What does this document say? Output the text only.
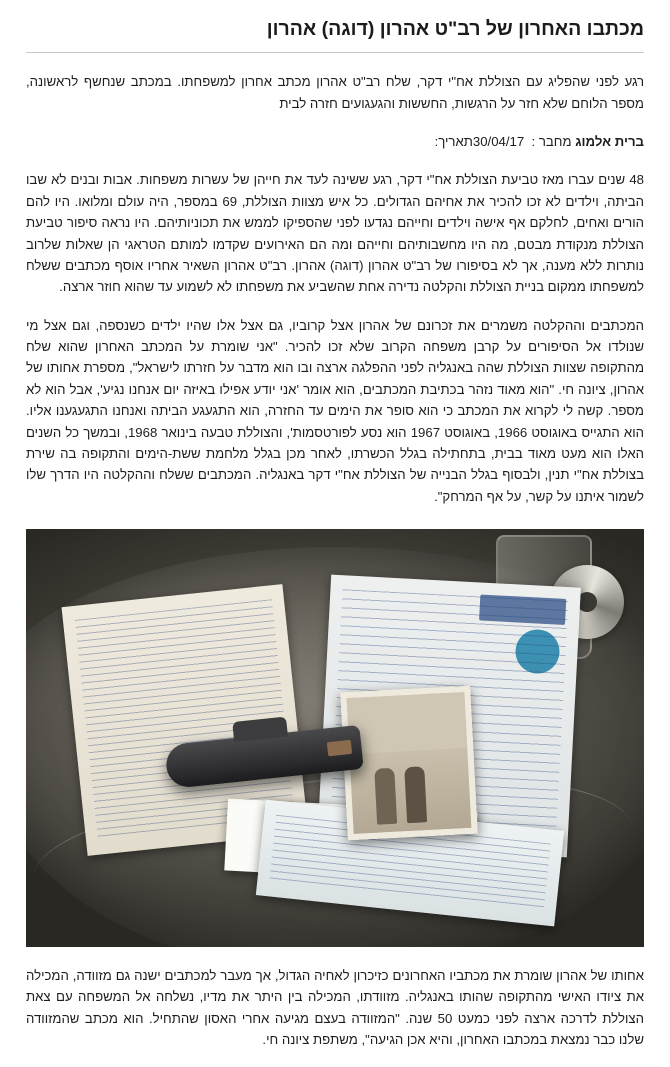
מכתבו האחרון של רב"ט אהרון (דוגה) אהרון

רגע לפני שהפליג עם הצוללת אח"י דקר, שלח רב"ט אהרון מכתב אחרון למשפחתו. במכתב שנחשף לראשונה, מספר הלוחם שלא חזר על הרגשות, החששות והגעגועים חזרה לבית

ברית אלמוג מחבר :  30/04/17תאריך:

48 שנים עברו מאז טביעת הצוללת אח"י דקר, רגע ששינה לעד את חייהן של עשרות משפחות. אבות ובנים לא שבו הביתה, וילדים לא זכו להכיר את אחיהם הגדולים. כל איש מצוות הצוללת, 69 במספר, היה עולם ומלואו. היו להם הורים ואחים, לחלקם אף אישה וילדים וחייהם נגדעו לפני שהספיקו לממש את תכוניותיהם. היו נראה סיפור טביעת הצוללת מנקודת מבטם, מה היו מחשבותיהם וחייהם ומה הם האירועים שקדמו למותם הטראגי הן שאלות שלרוב נותרות ללא מענה, אך לא בסיפורו של רב"ט אהרון (דוגה) אהרון. רב"ט אהרון השאיר אחריו אוסף מכתבים ששלח למשפחתו ממקום בניית הצוללת והקלטה נדירה אחת שהשביע את משפחתו לא לשמוע עד שהוא חוזר ארצה.

המכתבים וההקלטה משמרים את זכרונם של אהרון אצל קרוביו, גם אצל אלו שהיו ילדים כשנספה, וגם אצל מי שנולדו אל הסיפורים על קרבן משפחה הקרוב שלא זכו להכיר. "אני שומרת על המכתב האחרון שהוא שלח מהתקופה שצוות הצוללת שהה באנגליה לפני ההפלגה ארצה ובו הוא מדבר על חזרתו לישראל", מספרת אחותו של אהרון, ציונה חי. "הוא מאוד נזהר בכתיבת המכתבים, הוא אומר 'אני יודע אפילו באיזה יום אנחנו נגיע', אבל הוא לא מספר. קשה לי לקרוא את המכתב כי הוא סופר את הימים עד החזרה, הוא התגעגע הביתה ואנחנו התגעגענו אליו. הוא התגייס באוגוסט 1966, באוגוסט 1967 הוא נסע לפורטסמות', והצוללת טבעה בינואר 1968, ובמשך כל השנים האלו הוא מעט מאוד בבית, בתחתילה בגלל הכשרתו, לאחר מכן בגלל מלחמת ששת-הימים והתקופה בה שירת בצוללת אח"י תנין, ולבסוף בגלל הבנייה של הצוללת אח"י דקר באנגליה. המכתבים ששלח וההקלטה היו הדרך שלו לשמור איתנו על קשר, על אף המרחק".

אחותו של אהרון שומרת את מכתביו האחרונים כזיכרון לאחיה הגדול, אך מעבר למכתבים ישנה גם מזוודה, המכילה את ציודו האישי מהתקופה שהותו באנגליה. מזוודתו, המכילה בין היתר את מדיו, נשלחה אל המשפחה עם צאת הצוללת לדרכה ארצה לפני כמעט 50 שנה. "המזוודה בעצם מגיעה אחרי האסון שהתחיל. הוא מכתב שהמזוודה שלנו כבר נמצאת במכתבו האחרון, והיא אכן הגיעה", משתפת ציונה חי.
